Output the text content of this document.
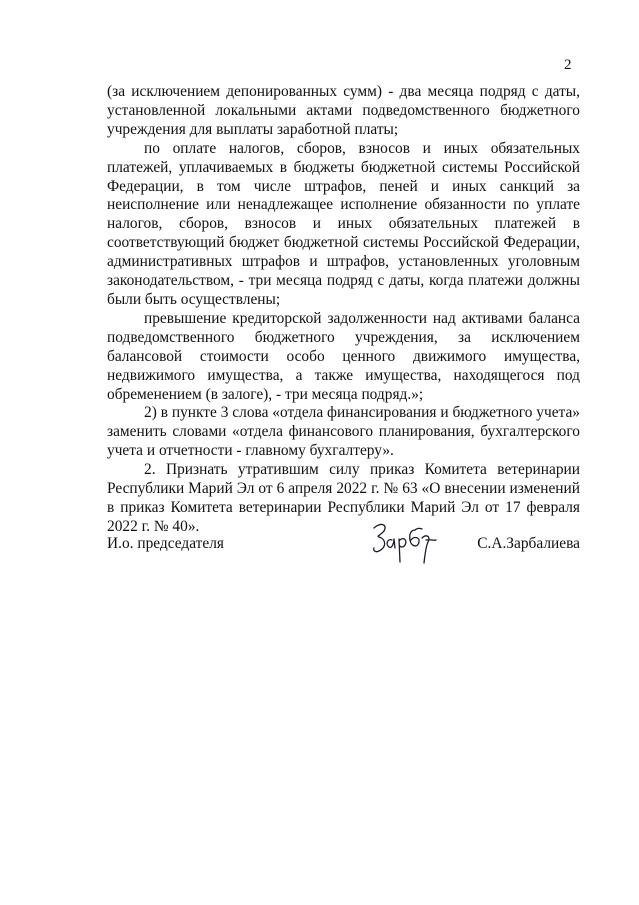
2

(за исключением депонированных сумм) - два месяца подряд с даты, установленной локальными актами подведомственного бюджетного учреждения для выплаты заработной платы;

по оплате налогов, сборов, взносов и иных обязательных платежей, уплачиваемых в бюджеты бюджетной системы Российской Федерации, в том числе штрафов, пеней и иных санкций за неисполнение или ненадлежащее исполнение обязанности по уплате налогов, сборов, взносов и иных обязательных платежей в соответствующий бюджет бюджетной системы Российской Федерации, административных штрафов и штрафов, установленных уголовным законодательством, - три месяца подряд с даты, когда платежи должны были быть осуществлены;

превышение кредиторской задолженности над активами баланса подведомственного бюджетного учреждения, за исключением балансовой стоимости особо ценного движимого имущества, недвижимого имущества, а также имущества, находящегося под обременением (в залоге), - три месяца подряд.»;

2) в пункте 3 слова «отдела финансирования и бюджетного учета» заменить словами «отдела финансового планирования, бухгалтерского учета и отчетности - главному бухгалтеру».

2. Признать утратившим силу приказ Комитета ветеринарии Республики Марий Эл от 6 апреля 2022 г. № 63 «О внесении изменений в приказ Комитета ветеринарии Республики Марий Эл от 17 февраля 2022 г. № 40».

И.о. председателя	С.А.Зарбалиева
